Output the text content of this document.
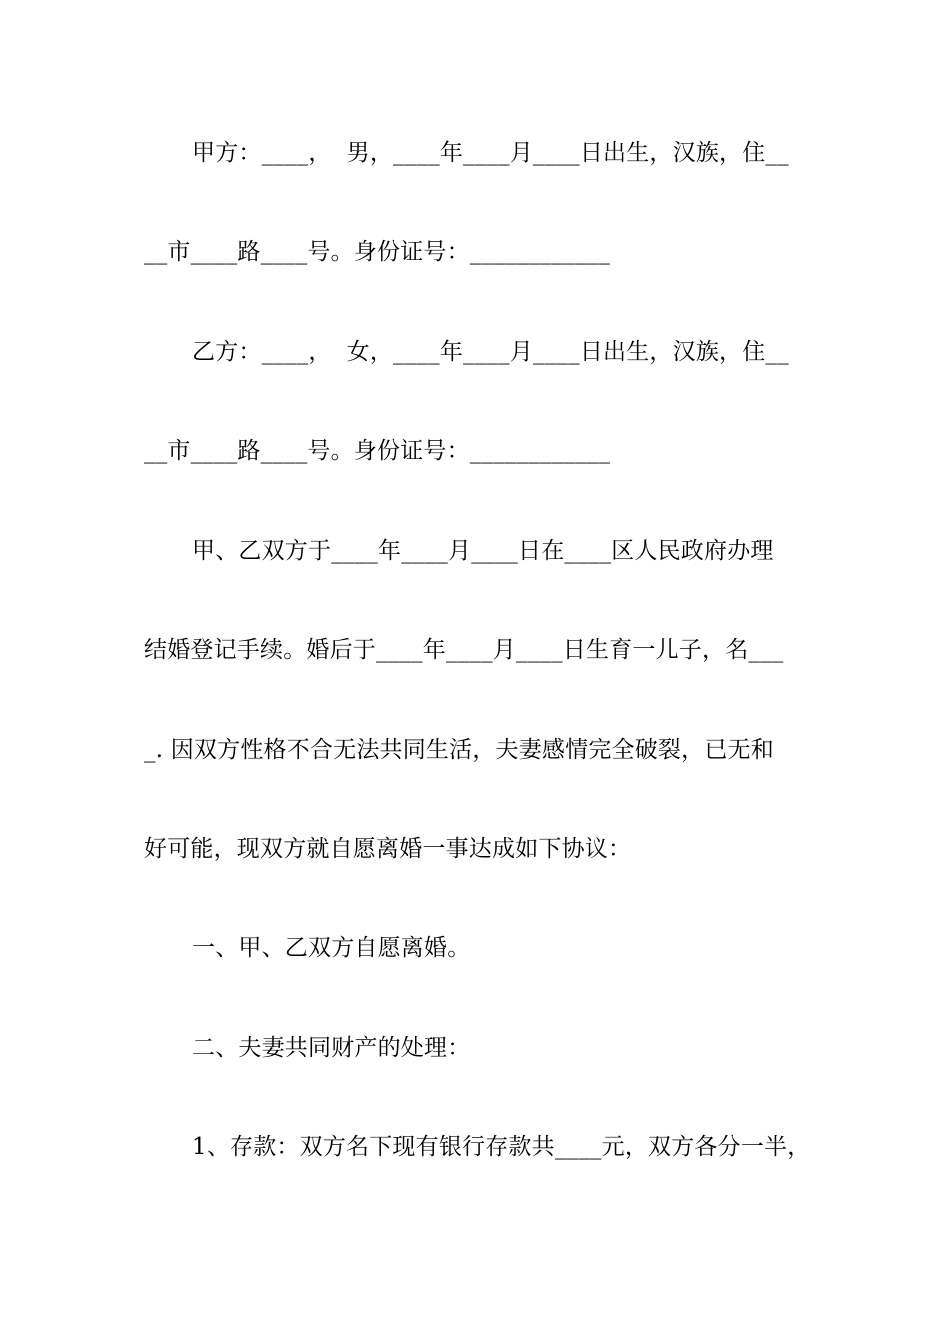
甲方：____，  男，____年____月____日出生，汉族，住__
__市____路____号。身份证号：____________
乙方：____，  女，____年____月____日出生，汉族，住__
__市____路____号。身份证号：____________
甲、乙双方于____年____月____日在____区人民政府办理
结婚登记手续。婚后于____年____月____日生育一儿子，名___
_. 因双方性格不合无法共同生活，夫妻感情完全破裂，已无和
好可能，现双方就自愿离婚一事达成如下协议：
一、甲、乙双方自愿离婚。
二、夫妻共同财产的处理：
1、存款：双方名下现有银行存款共____元，双方各分一半，
